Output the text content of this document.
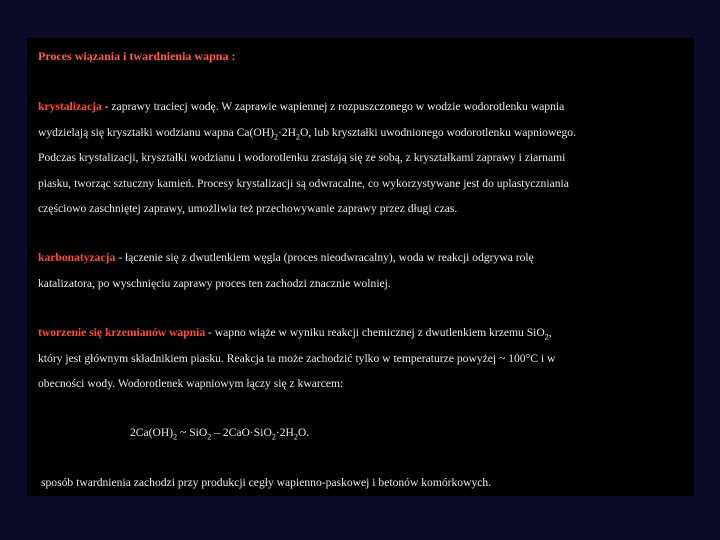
Proces wiązania i twardnienia wapna :
krystalizacja - zaprawy traciecj wodę. W zaprawie wapiennej z rozpuszczonego w wodzie wodorotlenku wapnia
wydzielają się kryształki wodzianu wapna $Ca(OH)_2\cdot 2H_2O$, lub kryształki uwodnionego wodorotlenku wapniowego.
Podczas krystalizacji, kryształki wodzianu i wodorotlenku zrastają się ze sobą, z kryształkami zaprawy i ziarnami
piasku, tworząc sztuczny kamień. Procesy krystalizacji są odwracalne, co wykorzystywane jest do uplastyczniania
częściowo zaschniętej zaprawy, umożliwia też przechowywanie zaprawy przez długi czas.
karbonatyzacja - łączenie się z dwutlenkiem węgla (proces nieodwracalny), woda w reakcji odgrywa rolę
katalizatora, po wyschnięciu zaprawy proces ten zachodzi znacznie wolniej.
tworzenie się krzemianów wapnia - wapno wiąże w wyniku reakcji chemicznej z dwutlenkiem krzemu SiO$_2$,
który jest głównym składnikiem piasku. Reakcja ta może zachodzić tylko w temperaturze powyżej ~ 100°C i w
obecności wody. Wodorotlenek wapniowym łączy się z kwarcem:
$2Ca(OH)_2$ ~ $SiO_2 - 2CaO\cdot SiO_2\cdot 2H_2O$.
sposób twardnienia zachodzi przy produkcji cegły wapienno-paskowej i betonów komórkowych.
